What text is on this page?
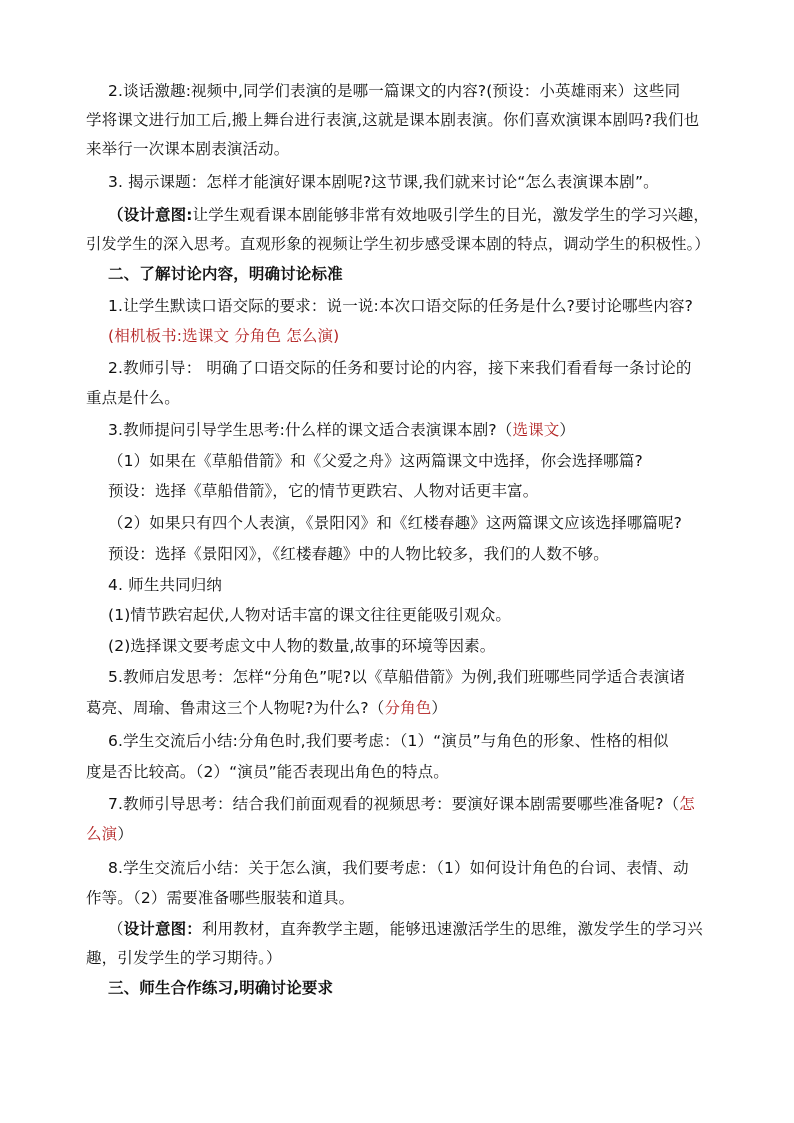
2.谈话激趣:视频中,同学们表演的是哪一篇课文的内容?(预设：小英雄雨来）这些同
学将课文进行加工后,搬上舞台进行表演,这就是课本剧表演。你们喜欢演课本剧吗?我们也
来举行一次课本剧表演活动。
3. 揭示课题：怎样才能演好课本剧呢?这节课,我们就来讨论“怎么表演课本剧”。
（设计意图:让学生观看课本剧能够非常有效地吸引学生的目光，激发学生的学习兴趣，
引发学生的深入思考。直观形象的视频让学生初步感受课本剧的特点，调动学生的积极性。）
二、了解讨论内容，明确讨论标准
1.让学生默读口语交际的要求：说一说:本次口语交际的任务是什么?要讨论哪些内容?
(相机板书:选课文 分角色 怎么演)
2.教师引导： 明确了口语交际的任务和要讨论的内容，接下来我们看看每一条讨论的
重点是什么。
3.教师提问引导学生思考:什么样的课文适合表演课本剧?（选课文）
（1）如果在《草船借箭》和《父爱之舟》这两篇课文中选择，你会选择哪篇?
预设：选择《草船借箭》，它的情节更跌宕、人物对话更丰富。
（2）如果只有四个人表演，《景阳冈》和《红楼春趣》这两篇课文应该选择哪篇呢?
预设：选择《景阳冈》，《红楼春趣》中的人物比较多，我们的人数不够。
4. 师生共同归纳
(1)情节跌宕起伏,人物对话丰富的课文往往更能吸引观众。
(2)选择课文要考虑文中人物的数量,故事的环境等因素。
5.教师启发思考：怎样“分角色”呢?以《草船借箭》为例,我们班哪些同学适合表演诸
葛亮、周瑜、鲁肃这三个人物呢?为什么?（分角色）
6.学生交流后小结:分角色时,我们要考虑：（1）“演员”与角色的形象、性格的相似
度是否比较高。（2）“演员”能否表现出角色的特点。
7.教师引导思考：结合我们前面观看的视频思考：要演好课本剧需要哪些准备呢?（怎
么演）
8.学生交流后小结：关于怎么演，我们要考虑：（1）如何设计角色的台词、表情、动
作等。（2）需要准备哪些服装和道具。
（设计意图：利用教材，直奔教学主题，能够迅速激活学生的思维，激发学生的学习兴
趣，引发学生的学习期待。）
三、师生合作练习,明确讨论要求
